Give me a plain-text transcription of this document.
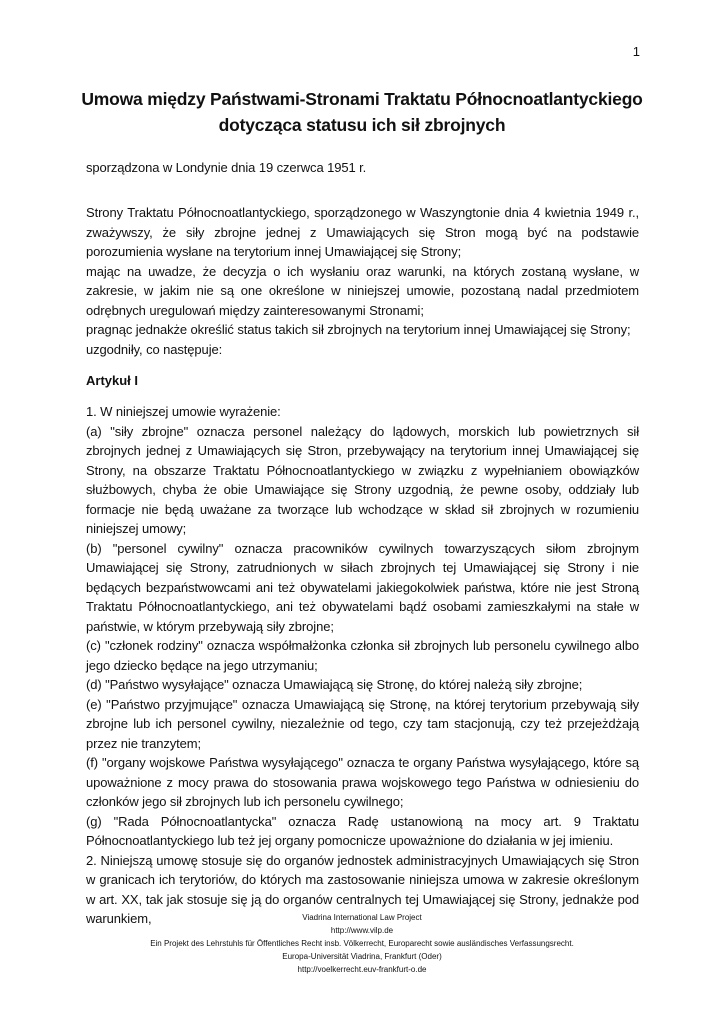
1
Umowa między Państwami-Stronami Traktatu Północnoatlantyckiego
dotycząca statusu ich sił zbrojnych
sporządzona w Londynie dnia 19 czerwca 1951 r.

Strony Traktatu Północnoatlantyckiego, sporządzonego w Waszyngtonie dnia 4 kwietnia 1949 r., zważywszy, że siły zbrojne jednej z Umawiających się Stron mogą być na podstawie porozumienia wysłane na terytorium innej Umawiającej się Strony;

mając na uwadze, że decyzja o ich wysłaniu oraz warunki, na których zostaną wysłane, w zakresie, w jakim nie są one określone w niniejszej umowie, pozostaną nadal przedmiotem odrębnych uregulowań między zainteresowanymi Stronami;

pragnąc jednakże określić status takich sił zbrojnych na terytorium innej Umawiającej się Strony;

uzgodniły, co następuje:

Artykuł I

1. W niniejszej umowie wyrażenie:

(a) "siły zbrojne" oznacza personel należący do lądowych, morskich lub powietrznych sił zbrojnych jednej z Umawiających się Stron, przebywający na terytorium innej Umawiającej się Strony, na obszarze Traktatu Północnoatlantyckiego w związku z wypełnianiem obowiązków służbowych, chyba że obie Umawiające się Strony uzgodnią, że pewne osoby, oddziały lub formacje nie będą uważane za tworzące lub wchodzące w skład sił zbrojnych w rozumieniu niniejszej umowy;

(b) "personel cywilny" oznacza pracowników cywilnych towarzyszących siłom zbrojnym Umawiającej się Strony, zatrudnionych w siłach zbrojnych tej Umawiającej się Strony i nie będących bezpaństwowcami ani też obywatelami jakiegokolwiek państwa, które nie jest Stroną Traktatu Północnoatlantyckiego, ani też obywatelami bądź osobami zamieszkałymi na stałe w państwie, w którym przebywają siły zbrojne;

(c) "członek rodziny" oznacza współmałżonka członka sił zbrojnych lub personelu cywilnego albo jego dziecko będące na jego utrzymaniu;

(d) "Państwo wysyłające" oznacza Umawiającą się Stronę, do której należą siły zbrojne;

(e) "Państwo przyjmujące" oznacza Umawiającą się Stronę, na której terytorium przebywają siły zbrojne lub ich personel cywilny, niezależnie od tego, czy tam stacjonują, czy też przejeżdżają przez nie tranzytem;

(f) "organy wojskowe Państwa wysyłającego" oznacza te organy Państwa wysyłającego, które są upoważnione z mocy prawa do stosowania prawa wojskowego tego Państwa w odniesieniu do członków jego sił zbrojnych lub ich personelu cywilnego;

(g) "Rada Północnoatlantycka" oznacza Radę ustanowioną na mocy art. 9 Traktatu Północnoatlantyckiego lub też jej organy pomocnicze upoważnione do działania w jej imieniu.

2. Niniejszą umowę stosuje się do organów jednostek administracyjnych Umawiających się Stron w granicach ich terytoriów, do których ma zastosowanie niniejsza umowa w zakresie określonym w art. XX, tak jak stosuje się ją do organów centralnych tej Umawiającej się Strony, jednakże pod warunkiem,	Viadrina International Law Project
http://www.vilp.de
Ein Projekt des Lehrstuhls für Öffentliches Recht insb. Völkerrecht, Europarecht sowie ausländisches Verfassungsrecht.
Europa-Universität Viadrina, Frankfurt (Oder)
http://voelkerrecht.euv-frankfurt-o.de
